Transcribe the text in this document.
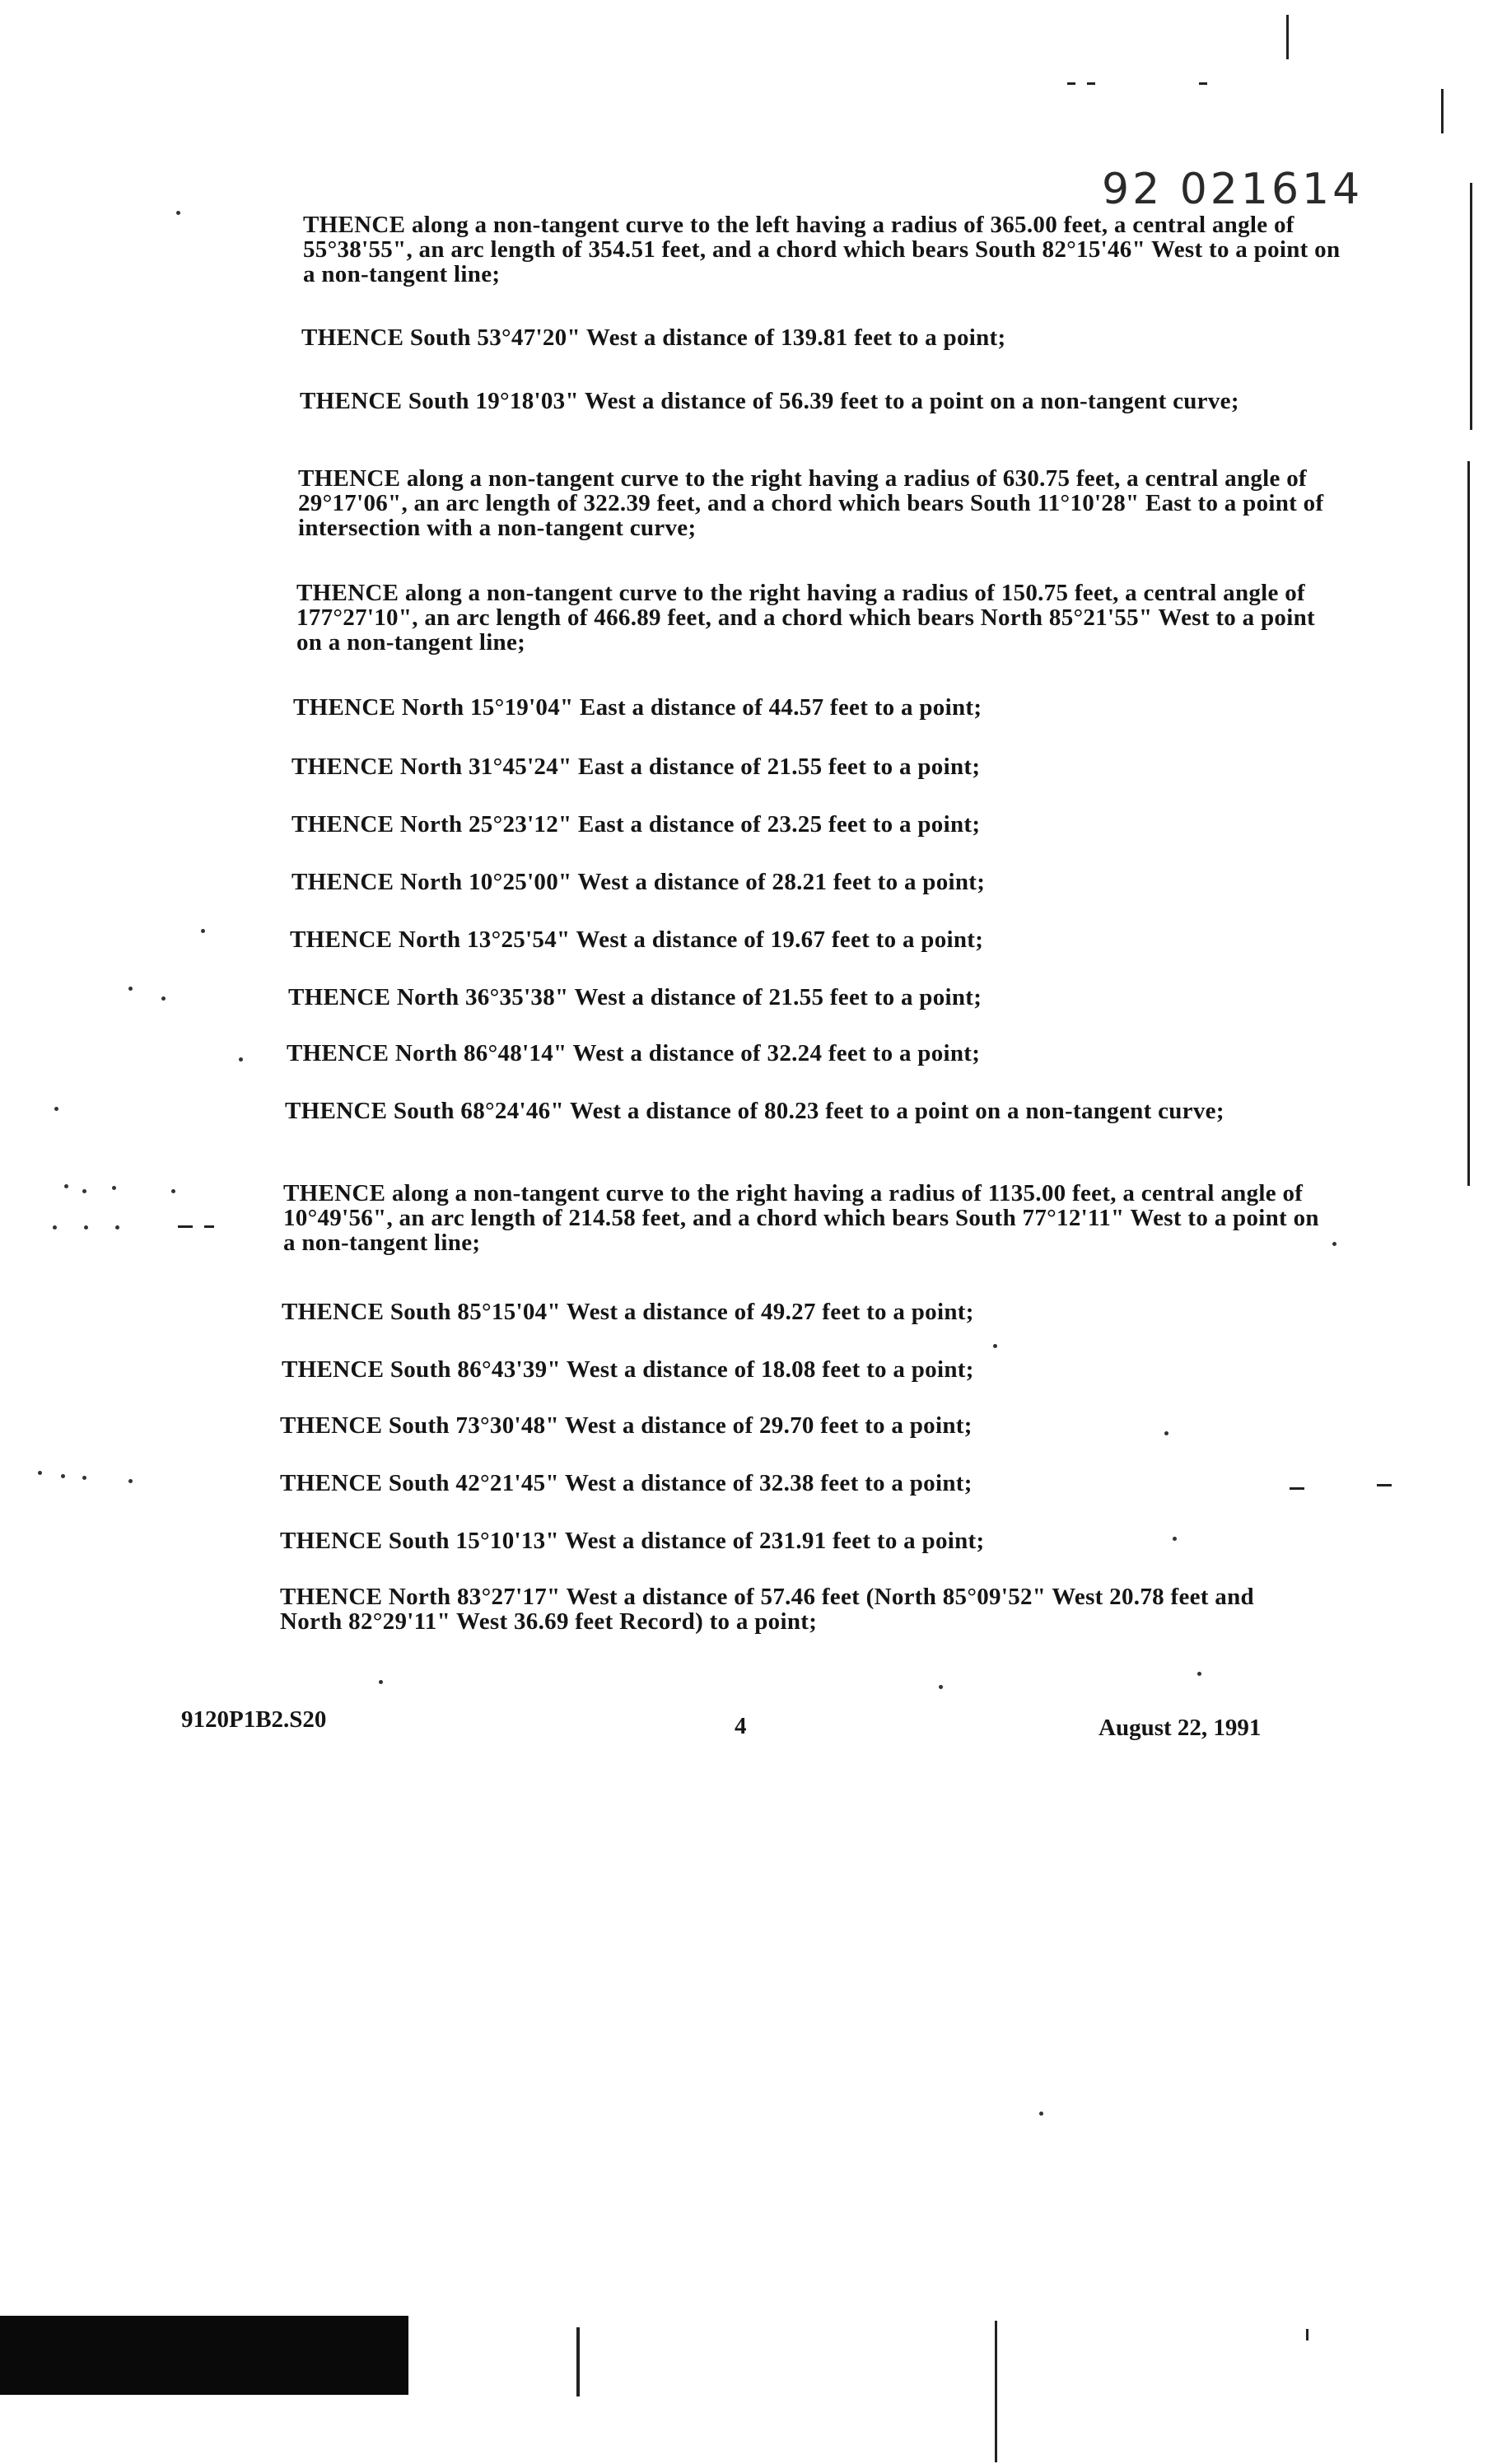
92 021614
THENCE along a non-tangent curve to the left having a radius of 365.00 feet, a central angle of 55°38'55", an arc length of 354.51 feet, and a chord which bears South 82°15'46" West to a point on a non-tangent line;
THENCE South 53°47'20" West a distance of 139.81 feet to a point;
THENCE South 19°18'03" West a distance of 56.39 feet to a point on a non-tangent curve;
THENCE along a non-tangent curve to the right having a radius of 630.75 feet, a central angle of 29°17'06", an arc length of 322.39 feet, and a chord which bears South 11°10'28" East to a point of intersection with a non-tangent curve;
THENCE along a non-tangent curve to the right having a radius of 150.75 feet, a central angle of 177°27'10", an arc length of 466.89 feet, and a chord which bears North 85°21'55" West to a point on a non-tangent line;
THENCE North 15°19'04" East a distance of 44.57 feet to a point;
THENCE North 31°45'24" East a distance of 21.55 feet to a point;
THENCE North 25°23'12" East a distance of 23.25 feet to a point;
THENCE North 10°25'00" West a distance of 28.21 feet to a point;
THENCE North 13°25'54" West a distance of 19.67 feet to a point;
THENCE North 36°35'38" West a distance of 21.55 feet to a point;
THENCE North 86°48'14" West a distance of 32.24 feet to a point;
THENCE South 68°24'46" West a distance of 80.23 feet to a point on a non-tangent curve;
THENCE along a non-tangent curve to the right having a radius of 1135.00 feet, a central angle of 10°49'56", an arc length of 214.58 feet, and a chord which bears South 77°12'11" West to a point on a non-tangent line;
THENCE South 85°15'04" West a distance of 49.27 feet to a point;
THENCE South 86°43'39" West a distance of 18.08 feet to a point;
THENCE South 73°30'48" West a distance of 29.70 feet to a point;
THENCE South 42°21'45" West a distance of 32.38 feet to a point;
THENCE South 15°10'13" West a distance of 231.91 feet to a point;
THENCE North 83°27'17" West a distance of 57.46 feet (North 85°09'52" West 20.78 feet and North 82°29'11" West 36.69 feet Record) to a point;
9120P1B2.S20	4	August 22, 1991
